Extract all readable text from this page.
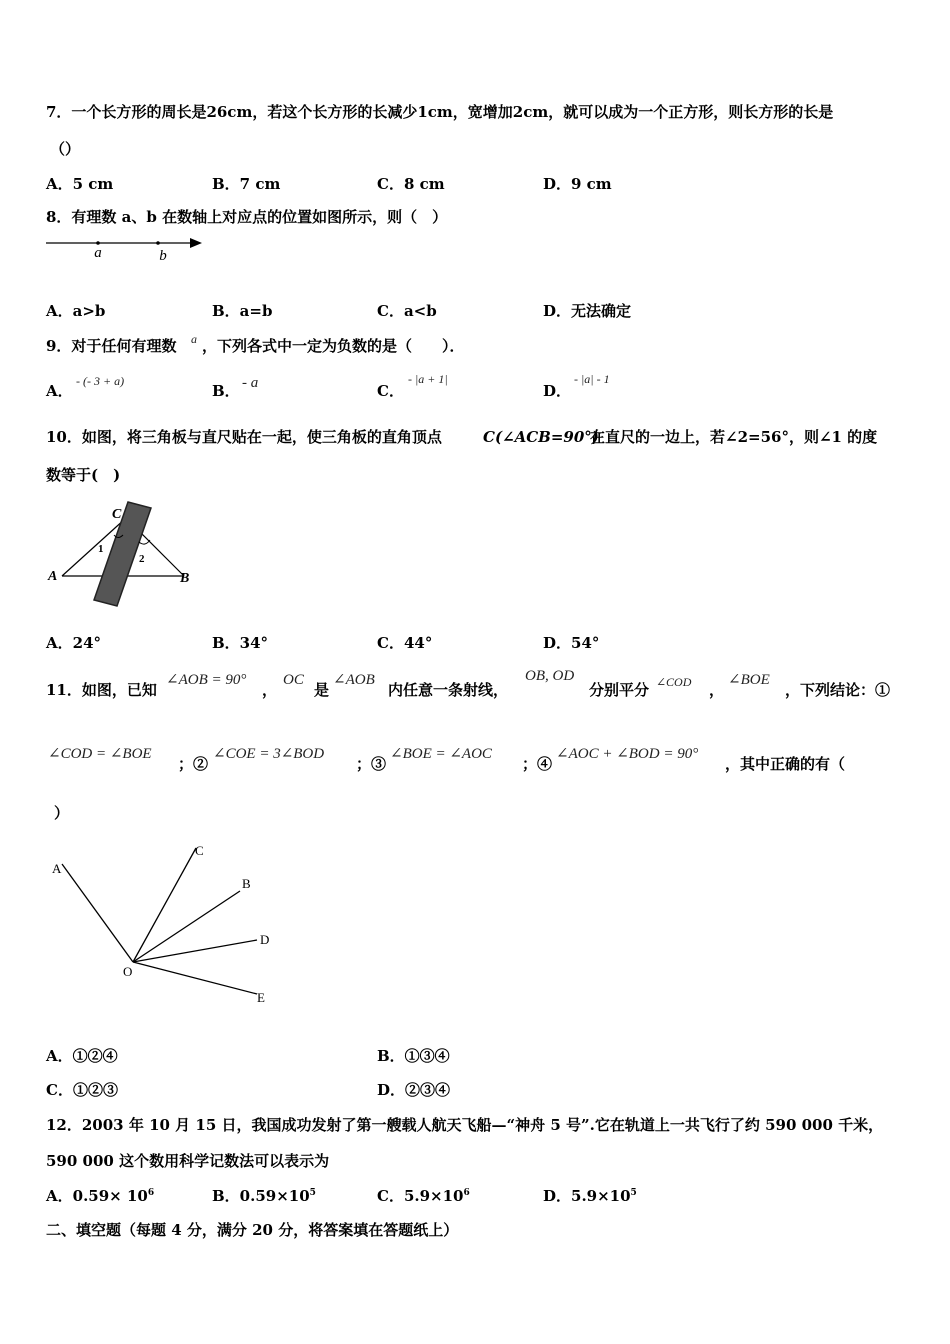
7．一个长方形的周长是26cm，若这个长方形的长减少1cm，宽增加2cm，就可以成为一个正方形，则长方形的长是
（）
A．5 cm	B．7 cm	C．8 cm	D．9 cm
8．有理数 a、b 在数轴上对应点的位置如图所示，则（　）
a	b
A．a>b	B．a=b	C．a<b	D．无法确定
9．对于任何有理数 a ，下列各式中一定为负数的是（　　）．
A．
- (- 3 + a)
B． - a	C．
- |a + 1|
D．
- |a| - 1
10．如图，将三角板与直尺贴在一起，使三角板的直角顶点	C(∠ACB=90°)
在直尺的一边上，若∠2=56°，则∠1 的度
数等于(　)
C
A	B
1
2
A．24°	B．34°	C．44°	D．54°
11．如图，已知
∠AOB = 90°
，
OC
是
∠AOB
内任意一条射线，
OB, OD
分别平分 ∠COD ，
∠BOE
，下列结论：①
∠COD = ∠BOE
；②
∠COE = 3∠BOD
；③
∠BOE = ∠AOC
；④
∠AOC + ∠BOD = 90°
，其中正确的有（
）
A
C
B
D
E
O
A．①②④	B．①③④
C．①②③	D．②③④
12．2003 年 10 月 15 日，我国成功发射了第一艘载人航天飞船—“神舟 5 号”.它在轨道上一共飞行了约 590 000 千米，
590 000 这个数用科学记数法可以表示为
A．$0.59\times 10^6$	B．$0.59\times 10^5$	C．$5.9\times 10^6$	D．$5.9\times 10^5$
二、填空题（每题 4 分，满分 20 分，将答案填在答题纸上）
